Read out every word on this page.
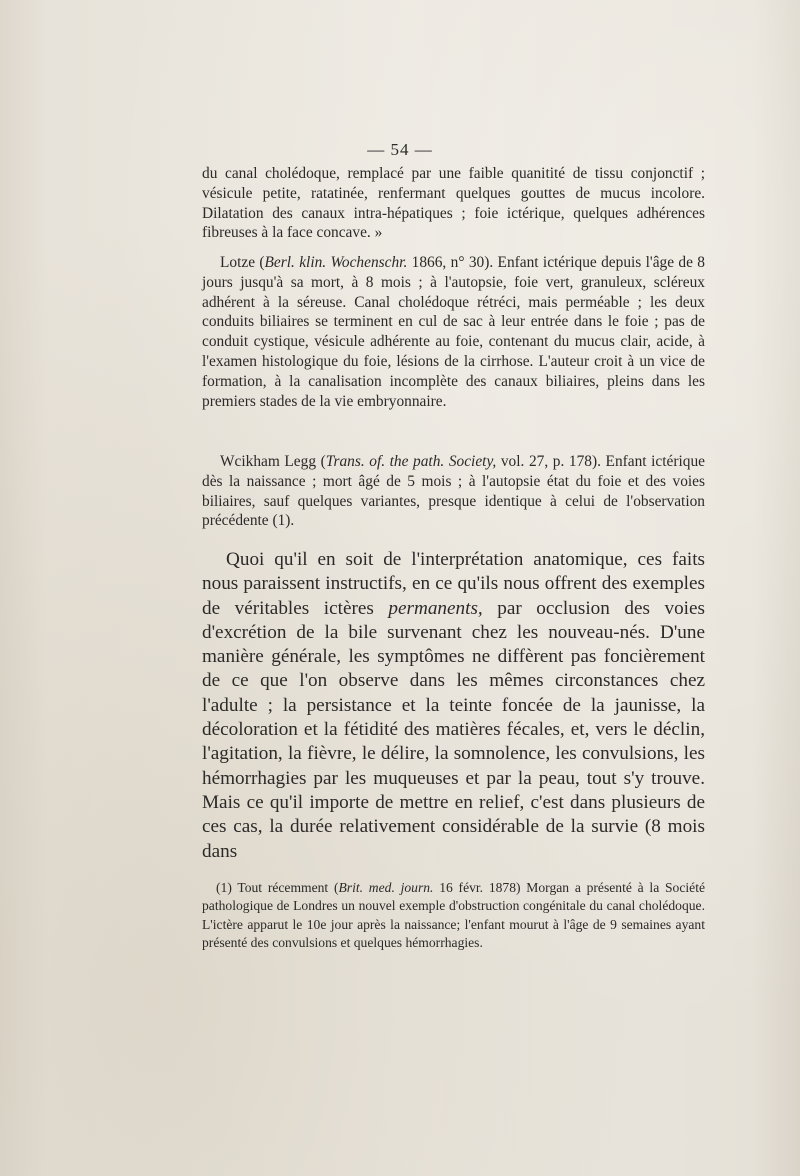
— 54 —

du canal cholédoque, remplacé par une faible quanitité de tissu conjonctif ; vésicule petite, ratatinée, renfermant quelques gouttes de mucus incolore. Dilatation des canaux intra-hépatiques ; foie ictérique, quelques adhérences fibreuses à la face concave. »

Lotze (Berl. klin. Wochenschr. 1866, n° 30). Enfant ictérique depuis l'âge de 8 jours jusqu'à sa mort, à 8 mois ; à l'autopsie, foie vert, granuleux, scléreux adhérent à la séreuse. Canal cholédoque rétréci, mais perméable ; les deux conduits biliaires se terminent en cul de sac à leur entrée dans le foie ; pas de conduit cystique, vésicule adhérente au foie, contenant du mucus clair, acide, à l'examen histologique du foie, lésions de la cirrhose. L'auteur croit à un vice de formation, à la canalisation incomplète des canaux biliaires, pleins dans les premiers stades de la vie embryonnaire.

Wcikham Legg (Trans. of. the path. Society, vol. 27, p. 178). Enfant ictérique dès la naissance ; mort âgé de 5 mois ; à l'autopsie état du foie et des voies biliaires, sauf quelques variantes, presque identique à celui de l'observation précédente (1).

Quoi qu'il en soit de l'interprétation anatomique, ces faits nous paraissent instructifs, en ce qu'ils nous offrent des exemples de véritables ictères permanents, par occlusion des voies d'excrétion de la bile survenant chez les nouveau-nés. D'une manière générale, les symptômes ne diffèrent pas foncièrement de ce que l'on observe dans les mêmes circonstances chez l'adulte ; la persistance et la teinte foncée de la jaunisse, la décoloration et la fétidité des matières fécales, et, vers le déclin, l'agitation, la fièvre, le délire, la somnolence, les convulsions, les hémorrhagies par les muqueuses et par la peau, tout s'y trouve. Mais ce qu'il importe de mettre en relief, c'est dans plusieurs de ces cas, la durée relativement considérable de la survie (8 mois dans

(1) Tout récemment (Brit. med. journ. 16 févr. 1878) Morgan a présenté à la Société pathologique de Londres un nouvel exemple d'obstruction congénitale du canal cholédoque. L'ictère apparut le 10e jour après la naissance; l'enfant mourut à l'âge de 9 semaines ayant présenté des convulsions et quelques hémorrhagies.
